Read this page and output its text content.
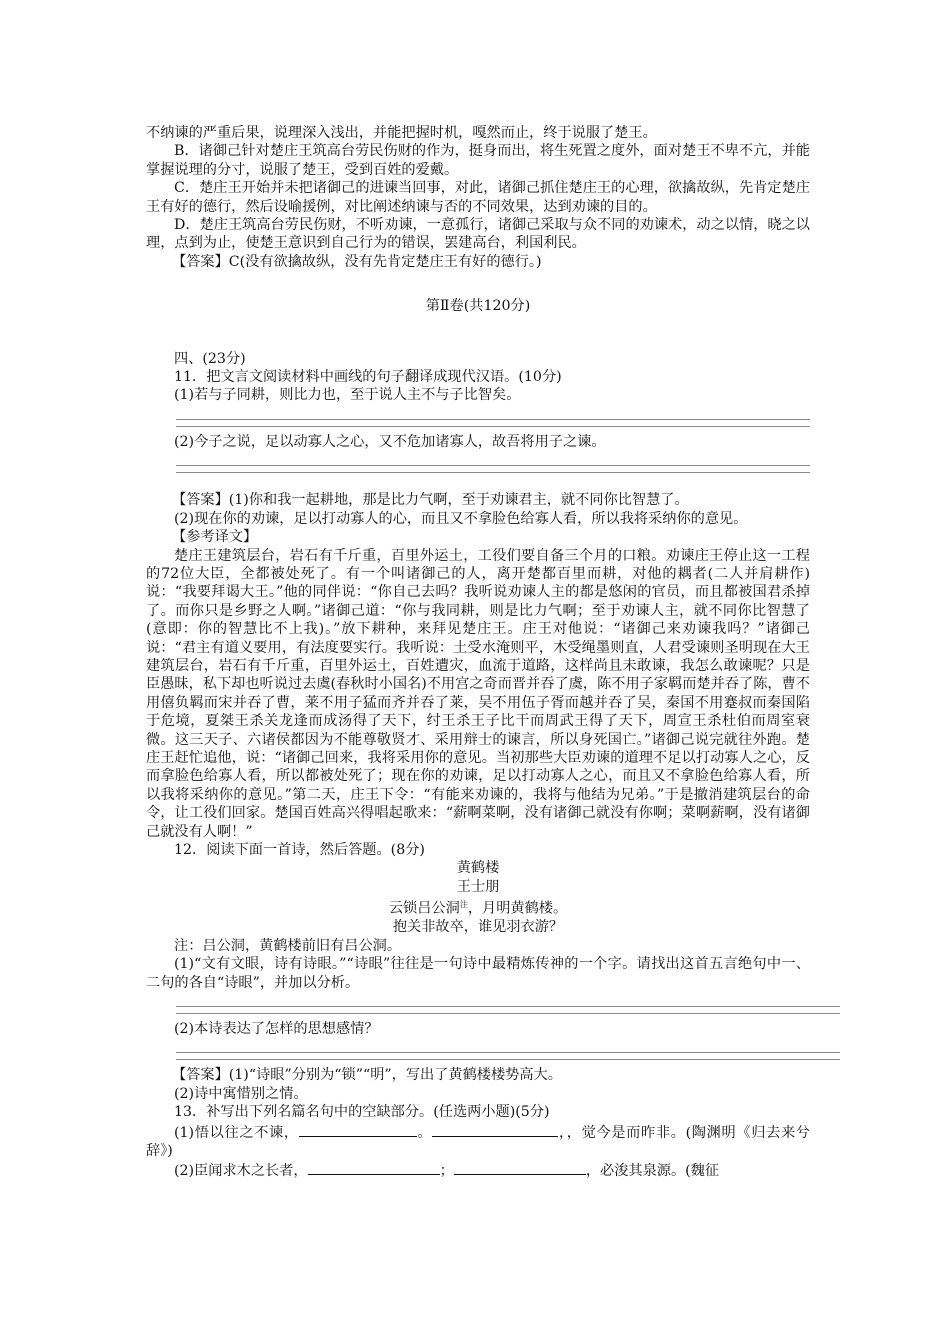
不纳谏的严重后果，说理深入浅出，并能把握时机，嘎然而止，终于说服了楚王。

B．诸御己针对楚庄王筑高台劳民伤财的作为，挺身而出，将生死置之度外，面对楚王不卑不亢，并能掌握说理的分寸，说服了楚王，受到百姓的爱戴。

C．楚庄王开始并未把诸御己的进谏当回事，对此，诸御己抓住楚庄王的心理，欲擒故纵，先肯定楚庄王有好的德行，然后设喻援例，对比阐述纳谏与否的不同效果，达到劝谏的目的。

D．楚庄王筑高台劳民伤财，不听劝谏，一意孤行，诸御己采取与众不同的劝谏术，动之以情，晓之以理，点到为止，使楚王意识到自己行为的错误，罢建高台，利国利民。

【答案】C(没有欲擒故纵，没有先肯定楚庄王有好的德行。)

第Ⅱ卷(共120分)

四、(23分)

11．把文言文阅读材料中画线的句子翻译成现代汉语。(10分)

(1)若与子同耕，则比力也，至于说人主不与子比智矣。

(2)今子之说，足以动寡人之心，又不危加诸寡人，故吾将用子之谏。

【答案】(1)你和我一起耕地，那是比力气啊，至于劝谏君主，就不同你比智慧了。

(2)现在你的劝谏，足以打动寡人的心，而且又不拿脸色给寡人看，所以我将采纳你的意见。

【参考译文】

楚庄王建筑层台，岩石有千斤重，百里外运土，工役们要自备三个月的口粮。劝谏庄王停止这一工程的72位大臣，全都被处死了。有一个叫诸御己的人，离开楚都百里而耕，对他的耦者(二人并肩耕作)说：“我要拜谒大王。”他的同伴说：“你自己去吗？我听说劝谏人主的都是悠闲的官员，而且都被国君杀掉了。而你只是乡野之人啊。”诸御己道：“你与我同耕，则是比力气啊；至于劝谏人主，就不同你比智慧了(意即：你的智慧比不上我)。”放下耕种，来拜见楚庄王。庄王对他说：“诸御己来劝谏我吗？”诸御己说：“君主有道义要用，有法度要实行。我听说：土受水淹则平，木受绳墨则直，人君受谏则圣明现在大王建筑层台，岩石有千斤重，百里外运土，百姓遭灾，血流于道路，这样尚且未敢谏，我怎么敢谏呢？只是臣愚昧，私下却也听说过去虞(春秋时小国名)不用宫之奇而晋并吞了虞，陈不用子家羁而楚并吞了陈，曹不用僖负羁而宋并吞了曹，莱不用子猛而齐并吞了莱，吴不用伍子胥而越并吞了吴，秦国不用蹇叔而秦国陷于危境，夏桀王杀关龙逢而成汤得了天下，纣王杀王子比干而周武王得了天下，周宣王杀杜伯而周室衰微。这三天子、六诸侯都因为不能尊敬贤才、采用辩士的谏言，所以身死国亡。”诸御己说完就往外跑。楚庄王赶忙追他，说：“诸御己回来，我将采用你的意见。当初那些大臣劝谏的道理不足以打动寡人之心，反而拿脸色给寡人看，所以都被处死了；现在你的劝谏，足以打动寡人之心，而且又不拿脸色给寡人看，所以我将采纳你的意见。”第二天，庄王下令：“有能来劝谏的，我将与他结为兄弟。”于是撤消建筑层台的命令，让工役们回家。楚国百姓高兴得唱起歌来：“薪啊菜啊，没有诸御己就没有你啊；菜啊薪啊，没有诸御己就没有人啊！”

12．阅读下面一首诗，然后答题。(8分)

黄鹤楼

王士朋

云锁吕公洞$^注$，月明黄鹤楼。

抱关非故卒，谁见羽衣游？

注：吕公洞，黄鹤楼前旧有吕公洞。

(1)“文有文眼，诗有诗眼。”“诗眼”往往是一句诗中最精炼传神的一个字。请找出这首五言绝句中一、二句的各自“诗眼”，并加以分析。

(2)本诗表达了怎样的思想感情？

【答案】(1)“诗眼”分别为“锁”“明”，写出了黄鹤楼楼势高大。

(2)诗中寓惜别之情。

13．补写出下列名篇名句中的空缺部分。(任选两小题)(5分)

(1)悟以往之不谏，	。	，，觉今是而昨非。(陶渊明《归去来兮辞》)

(2)臣闻求木之长者，	；	，必浚其泉源。(魏征
